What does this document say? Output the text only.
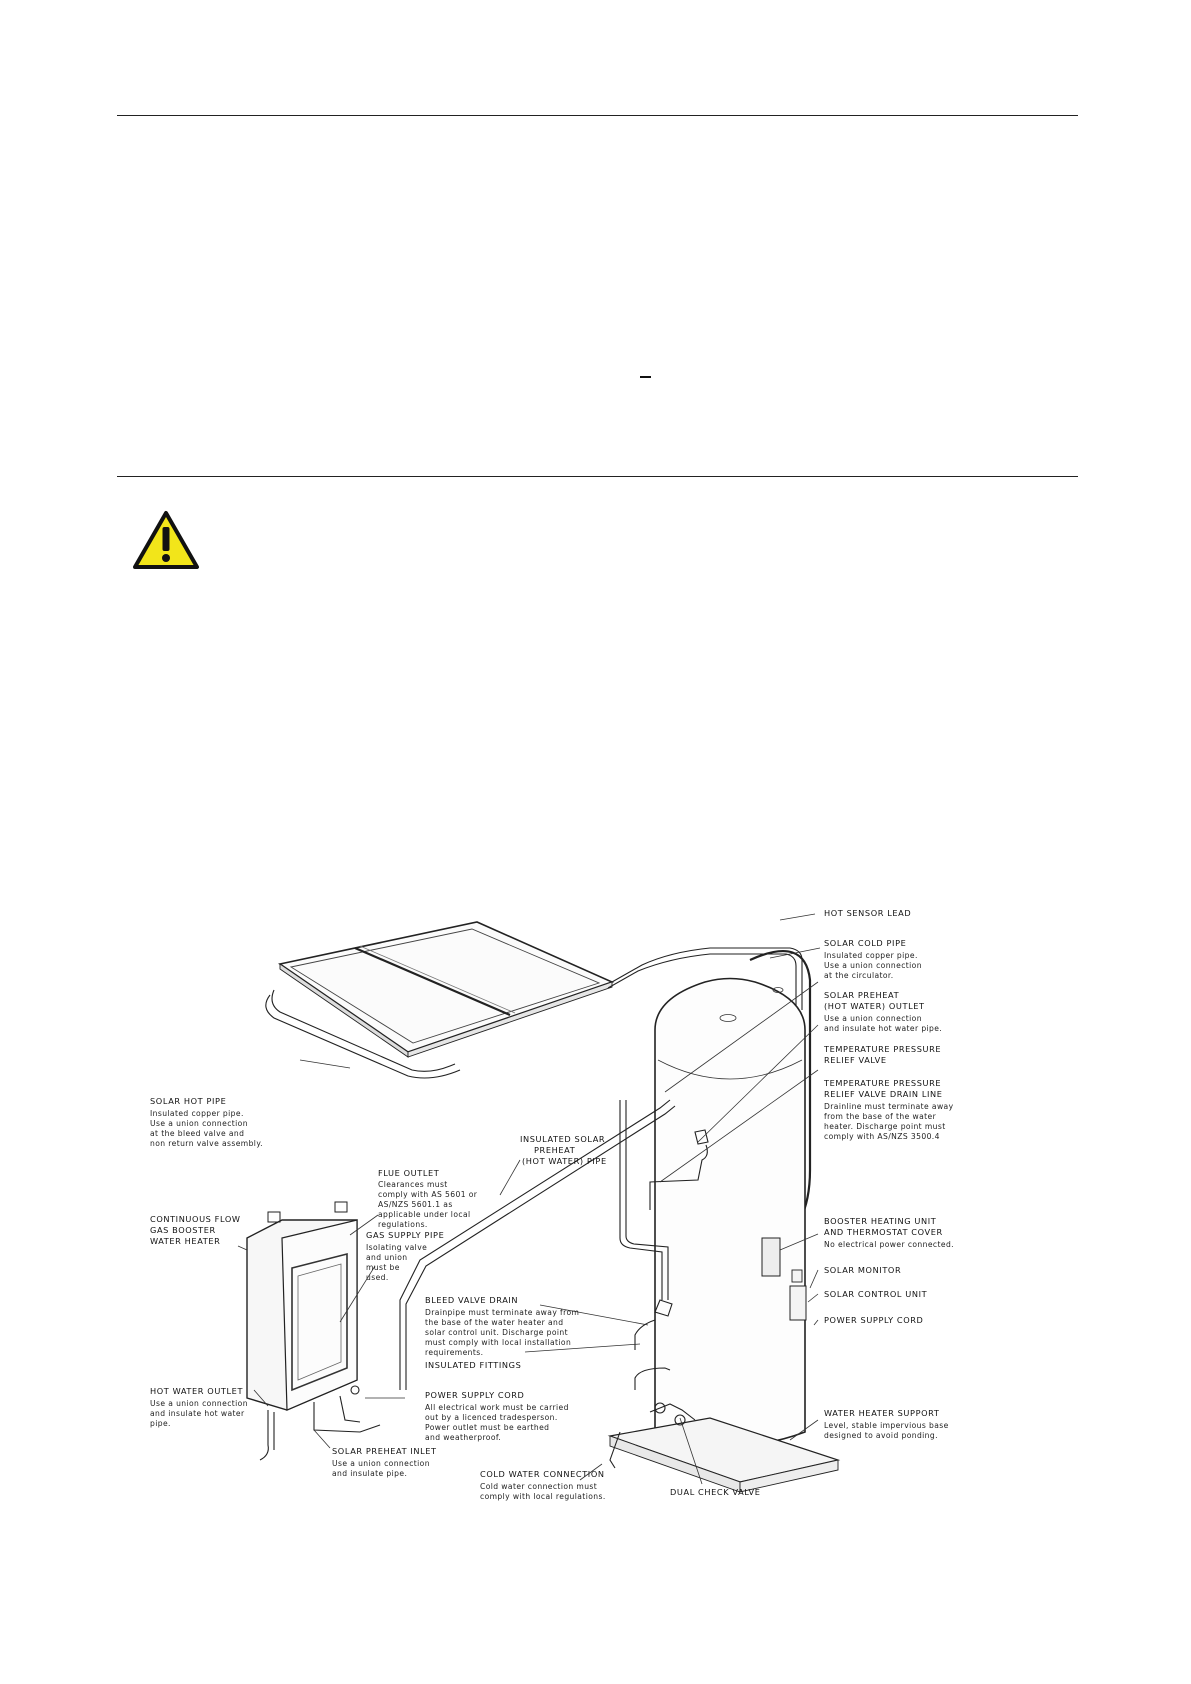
HOT SENSOR LEAD
SOLAR COLD PIPE
Insulated copper pipe.
Use a union connection
at the circulator.
SOLAR PREHEAT
(HOT WATER) OUTLET
Use a union connection
and insulate hot water pipe.
TEMPERATURE PRESSURE
RELIEF VALVE
TEMPERATURE PRESSURE
RELIEF VALVE DRAIN LINE
Drainline must terminate away
from the base of the water
heater. Discharge point must
comply with AS/NZS 3500.4
BOOSTER HEATING UNIT
AND THERMOSTAT COVER
No electrical power connected.
SOLAR MONITOR
SOLAR CONTROL UNIT
POWER SUPPLY CORD
WATER HEATER SUPPORT
Level, stable impervious base
designed to avoid ponding.
DUAL CHECK VALVE
COLD WATER CONNECTION
Cold water connection must
comply with local regulations.
INSULATED FITTINGS
BLEED VALVE DRAIN
Drainpipe must terminate away from
the base of the water heater and
solar control unit. Discharge point
must comply with local installation
requirements.
POWER SUPPLY CORD
All electrical work must be carried
out by a licenced tradesperson.
Power outlet must be earthed
and weatherproof.
SOLAR PREHEAT INLET
Use a union connection
and insulate pipe.
HOT WATER OUTLET
Use a union connection
and insulate hot water
pipe.
CONTINUOUS FLOW
GAS BOOSTER
WATER HEATER
GAS SUPPLY PIPE
Isolating valve
and union
must be
used.
FLUE OUTLET
Clearances must
comply with AS 5601 or
AS/NZS 5601.1 as
applicable under local
regulations.
INSULATED SOLAR
PREHEAT
(HOT WATER) PIPE
SOLAR HOT PIPE
Insulated copper pipe.
Use a union connection
at the bleed valve and
non return valve assembly.
